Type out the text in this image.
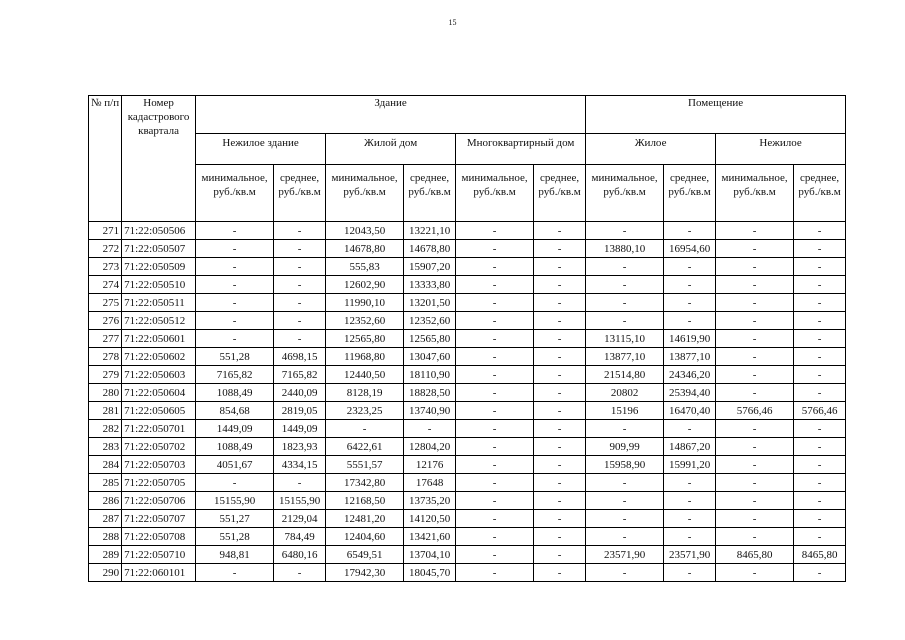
15
№ п/п	Номер кадастрового квартала	Здание						Помещение			
		Нежилое здание		Жилой дом		Многоквартирный дом		Жилое		Нежилое	
		минимальное, руб./кв.м	среднее, руб./кв.м	минимальное, руб./кв.м	среднее, руб./кв.м	минимальное, руб./кв.м	среднее, руб./кв.м	минимальное, руб./кв.м	среднее, руб./кв.м	минимальное, руб./кв.м	среднее, руб./кв.м
271	71:22:050506	-	-	12043,50	13221,10	-	-	-	-	-	-
272	71:22:050507	-	-	14678,80	14678,80	-	-	13880,10	16954,60	-	-
273	71:22:050509	-	-	555,83	15907,20	-	-	-	-	-	-
274	71:22:050510	-	-	12602,90	13333,80	-	-	-	-	-	-
275	71:22:050511	-	-	11990,10	13201,50	-	-	-	-	-	-
276	71:22:050512	-	-	12352,60	12352,60	-	-	-	-	-	-
277	71:22:050601	-	-	12565,80	12565,80	-	-	13115,10	14619,90	-	-
278	71:22:050602	551,28	4698,15	11968,80	13047,60	-	-	13877,10	13877,10	-	-
279	71:22:050603	7165,82	7165,82	12440,50	18110,90	-	-	21514,80	24346,20	-	-
280	71:22:050604	1088,49	2440,09	8128,19	18828,50	-	-	20802	25394,40	-	-
281	71:22:050605	854,68	2819,05	2323,25	13740,90	-	-	15196	16470,40	5766,46	5766,46
282	71:22:050701	1449,09	1449,09	-	-	-	-	-	-	-	-
283	71:22:050702	1088,49	1823,93	6422,61	12804,20	-	-	909,99	14867,20	-	-
284	71:22:050703	4051,67	4334,15	5551,57	12176	-	-	15958,90	15991,20	-	-
285	71:22:050705	-	-	17342,80	17648	-	-	-	-	-	-
286	71:22:050706	15155,90	15155,90	12168,50	13735,20	-	-	-	-	-	-
287	71:22:050707	551,27	2129,04	12481,20	14120,50	-	-	-	-	-	-
288	71:22:050708	551,28	784,49	12404,60	13421,60	-	-	-	-	-	-
289	71:22:050710	948,81	6480,16	6549,51	13704,10	-	-	23571,90	23571,90	8465,80	8465,80
290	71:22:060101	-	-	17942,30	18045,70	-	-	-	-	-	-
